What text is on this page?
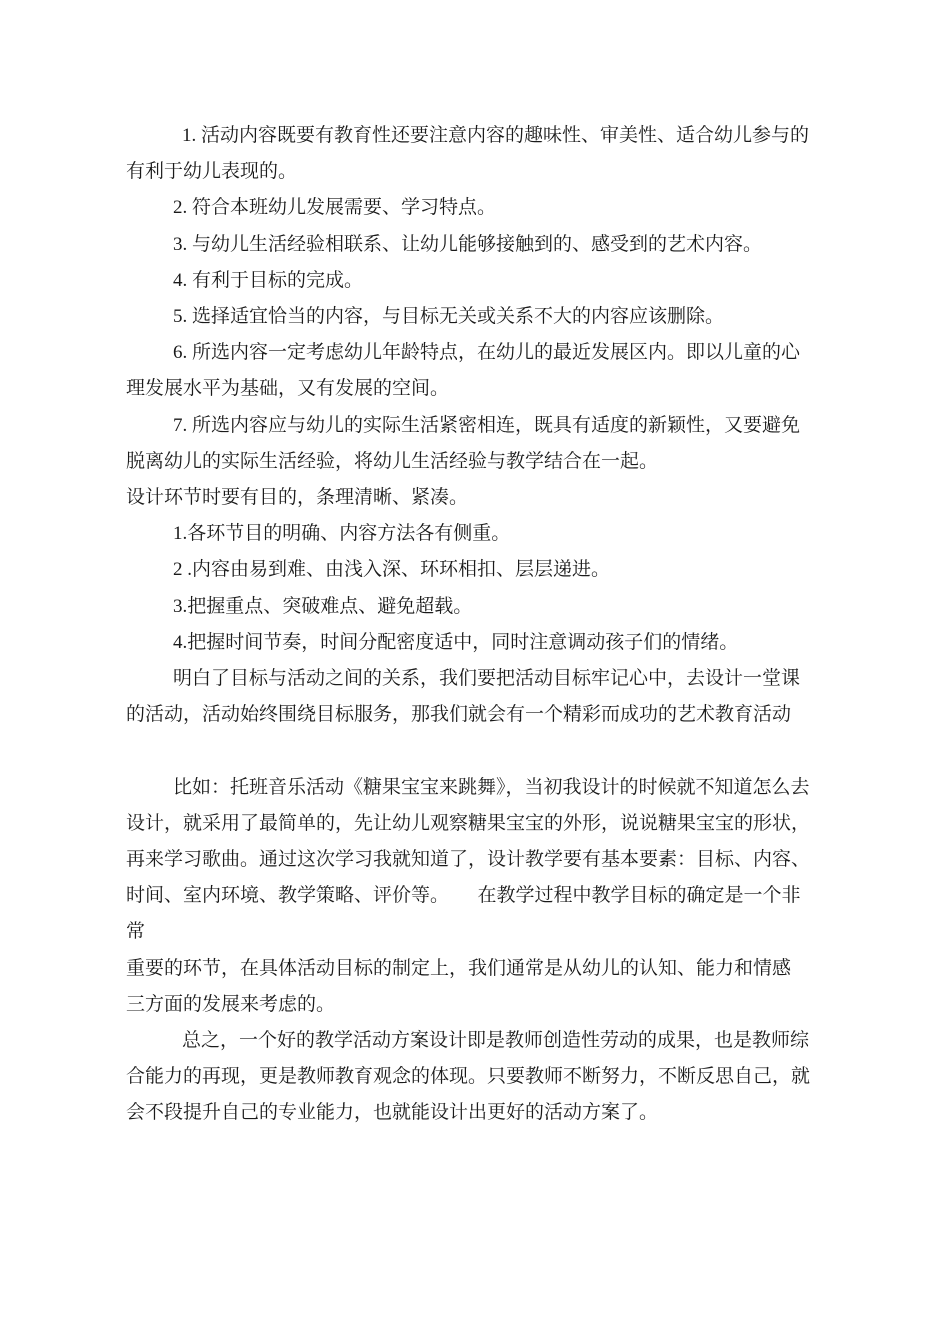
1. 活动内容既要有教育性还要注意内容的趣味性、审美性、适合幼儿参与的
有利于幼儿表现的。
2. 符合本班幼儿发展需要、学习特点。
3. 与幼儿生活经验相联系、让幼儿能够接触到的、感受到的艺术内容。
4. 有利于目标的完成。
5. 选择适宜恰当的内容，与目标无关或关系不大的内容应该删除。
6. 所选内容一定考虑幼儿年龄特点，在幼儿的最近发展区内。即以儿童的心
理发展水平为基础，又有发展的空间。
7. 所选内容应与幼儿的实际生活紧密相连，既具有适度的新颖性，又要避免
脱离幼儿的实际生活经验，将幼儿生活经验与教学结合在一起。
设计环节时要有目的，条理清晰、紧凑。
1.各环节目的明确、内容方法各有侧重。
2 .内容由易到难、由浅入深、环环相扣、层层递进。
3.把握重点、突破难点、避免超载。
4.把握时间节奏，时间分配密度适中，同时注意调动孩子们的情绪。
明白了目标与活动之间的关系，我们要把活动目标牢记心中，去设计一堂课
的活动，活动始终围绕目标服务，那我们就会有一个精彩而成功的艺术教育活动
比如：托班音乐活动《糖果宝宝来跳舞》，当初我设计的时候就不知道怎么去
设计，就采用了最简单的，先让幼儿观察糖果宝宝的外形，说说糖果宝宝的形状，
再来学习歌曲。通过这次学习我就知道了，设计教学要有基本要素：目标、内容、
时间、室内环境、教学策略、评价等。　　在教学过程中教学目标的确定是一个非常
重要的环节，在具体活动目标的制定上，我们通常是从幼儿的认知、能力和情感
三方面的发展来考虑的。
总之，一个好的教学活动方案设计即是教师创造性劳动的成果，也是教师综
合能力的再现，更是教师教育观念的体现。只要教师不断努力，不断反思自己，就
会不段提升自己的专业能力，也就能设计出更好的活动方案了。
